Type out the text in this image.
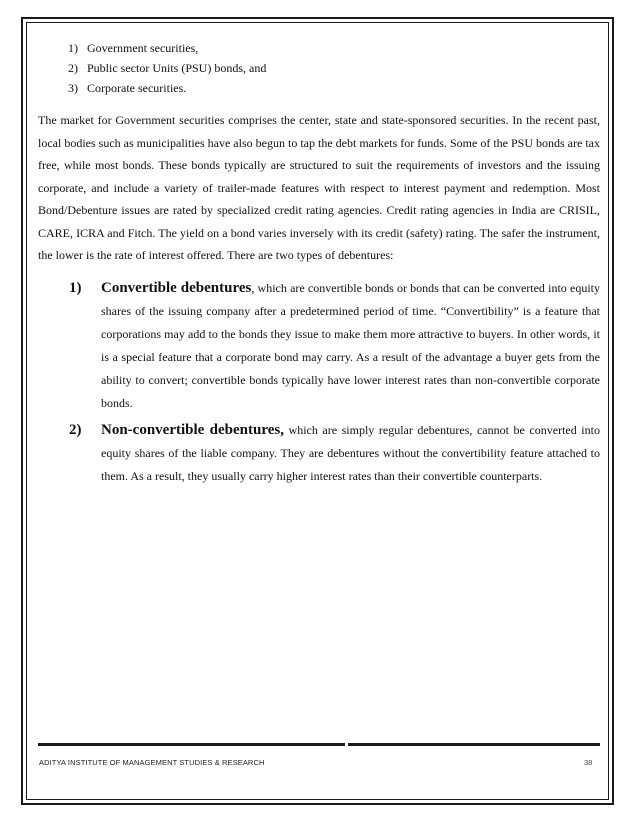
1) Government securities,
2) Public sector Units (PSU) bonds, and
3) Corporate securities.

The market for Government securities comprises the center, state and state-sponsored securities. In the recent past, local bodies such as municipalities have also begun to tap the debt markets for funds. Some of the PSU bonds are tax free, while most bonds. These bonds typically are structured to suit the requirements of investors and the issuing corporate, and include a variety of trailer-made features with respect to interest payment and redemption. Most Bond/Debenture issues are rated by specialized credit rating agencies. Credit rating agencies in India are CRISIL, CARE, ICRA and Fitch. The yield on a bond varies inversely with its credit (safety) rating. The safer the instrument, the lower is the rate of interest offered. There are two types of debentures:

1) Convertible debentures, which are convertible bonds or bonds that can be converted into equity shares of the issuing company after a predetermined period of time. “Convertibility” is a feature that corporations may add to the bonds they issue to make them more attractive to buyers. In other words, it is a special feature that a corporate bond may carry. As a result of the advantage a buyer gets from the ability to convert; convertible bonds typically have lower interest rates than non-convertible corporate bonds.
2) Non-convertible debentures, which are simply regular debentures, cannot be converted into equity shares of the liable company. They are debentures without the convertibility feature attached to them. As a result, they usually carry higher interest rates than their convertible counterparts.
ADITYA INSTITUTE OF MANAGEMENT STUDIES & RESEARCH	38
